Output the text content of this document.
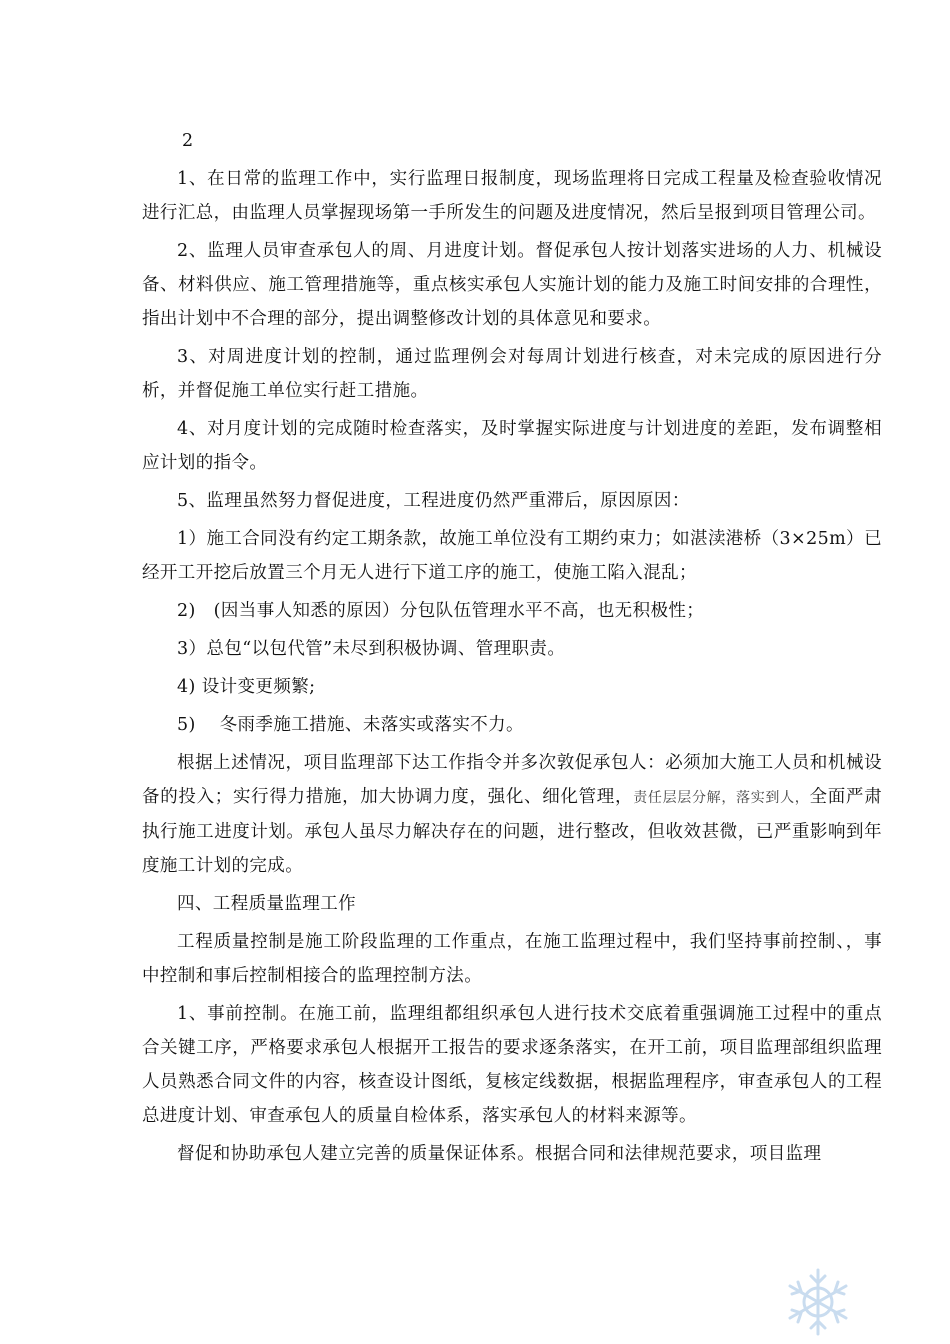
2

1、在日常的监理工作中，实行监理日报制度，现场监理将日完成工程量及检查验收情况进行汇总，由监理人员掌握现场第一手所发生的问题及进度情况，然后呈报到项目管理公司。

2、监理人员审查承包人的周、月进度计划。督促承包人按计划落实进场的人力、机械设备、材料供应、施工管理措施等，重点核实承包人实施计划的能力及施工时间安排的合理性，指出计划中不合理的部分，提出调整修改计划的具体意见和要求。

3、对周进度计划的控制，通过监理例会对每周计划进行核查，对未完成的原因进行分析，并督促施工单位实行赶工措施。

4、对月度计划的完成随时检查落实，及时掌握实际进度与计划进度的差距，发布调整相应计划的指令。

5、监理虽然努力督促进度，工程进度仍然严重滞后，原因原因：

1）施工合同没有约定工期条款，故施工单位没有工期约束力；如湛渎港桥（3×25m）已经开工开挖后放置三个月无人进行下道工序的施工，使施工陷入混乱；

2)　(因当事人知悉的原因）分包队伍管理水平不高，也无积极性；

3）总包“以包代管”未尽到积极协调、管理职责。

4) 设计变更频繁;

5)　 冬雨季施工措施、未落实或落实不力。

根据上述情况，项目监理部下达工作指令并多次敦促承包人：必须加大施工人员和机械设备的投入；实行得力措施，加大协调力度，强化、细化管理，责任层层分解，落实到人，全面严肃执行施工进度计划。承包人虽尽力解决存在的问题，进行整改，但收效甚微，已严重影响到年度施工计划的完成。

四、工程质量监理工作

工程质量控制是施工阶段监理的工作重点，在施工监理过程中，我们坚持事前控制、，事中控制和事后控制相接合的监理控制方法。

1、事前控制。在施工前，监理组都组织承包人进行技术交底着重强调施工过程中的重点合关键工序，严格要求承包人根据开工报告的要求逐条落实，在开工前，项目监理部组织监理人员熟悉合同文件的内容，核查设计图纸，复核定线数据，根据监理程序，审查承包人的工程总进度计划、审查承包人的质量自检体系，落实承包人的材料来源等。

督促和协助承包人建立完善的质量保证体系。根据合同和法律规范要求，项目监理
